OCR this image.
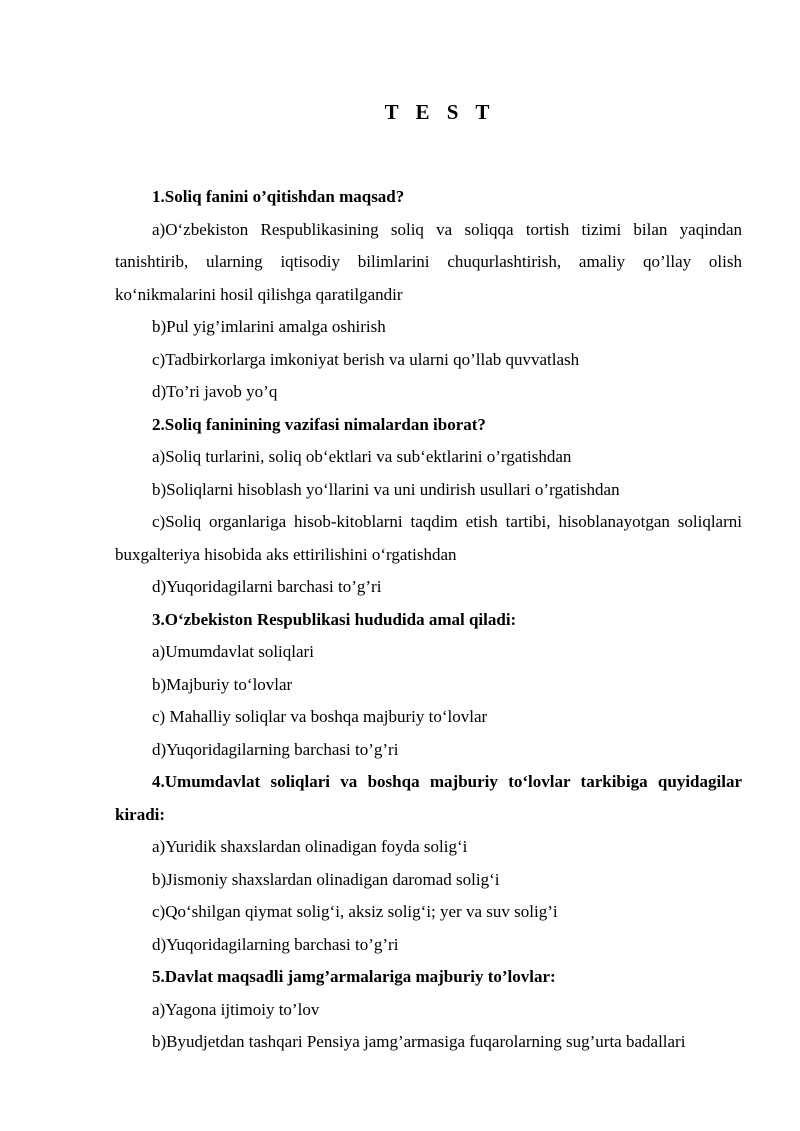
T E S T

1.Soliq fanini o’qitishdan maqsad?

a)O‘zbekiston Respublikasining soliq va soliqqa tortish tizimi bilan yaqindan tanishtirib, ularning iqtisodiy bilimlarini chuqurlashtirish, amaliy qo’llay olish ko‘nikmalarini hosil qilishga qaratilgandir

b)Pul yig’imlarini amalga oshirish

c)Tadbirkorlarga imkoniyat berish va ularni qo’llab quvvatlash

d)To’ri javob yo’q

2.Soliq faninining vazifasi nimalardan iborat?

a)Soliq turlarini, soliq ob‘ektlari va sub‘ektlarini o’rgatishdan

b)Soliqlarni hisoblash yo‘llarini va uni undirish usullari o’rgatishdan

c)Soliq organlariga hisob-kitoblarni taqdim etish tartibi, hisoblanayotgan soliqlarni buxgalteriya hisobida aks ettirilishini o‘rgatishdan

d)Yuqoridagilarni barchasi to’g’ri

3.O‘zbekiston Respublikasi hududida amal qiladi:

a)Umumdavlat soliqlari

b)Majburiy to‘lovlar

c) Mahalliy soliqlar va boshqa majburiy to‘lovlar

d)Yuqoridagilarning barchasi to’g’ri

4.Umumdavlat soliqlari va boshqa majburiy to‘lovlar tarkibiga quyidagilar kiradi:

a)Yuridik shaxslardan olinadigan foyda solig‘i

b)Jismoniy shaxslardan olinadigan daromad solig‘i

c)Qo‘shilgan qiymat solig‘i, aksiz solig‘i; yer va suv solig’i

d)Yuqoridagilarning barchasi to’g’ri

5.Davlat maqsadli jamg’armalariga majburiy to’lovlar:

a)Yagona ijtimoiy to’lov

b)Byudjetdan tashqari Pensiya jamg’armasiga fuqarolarning sug’urta badallari
